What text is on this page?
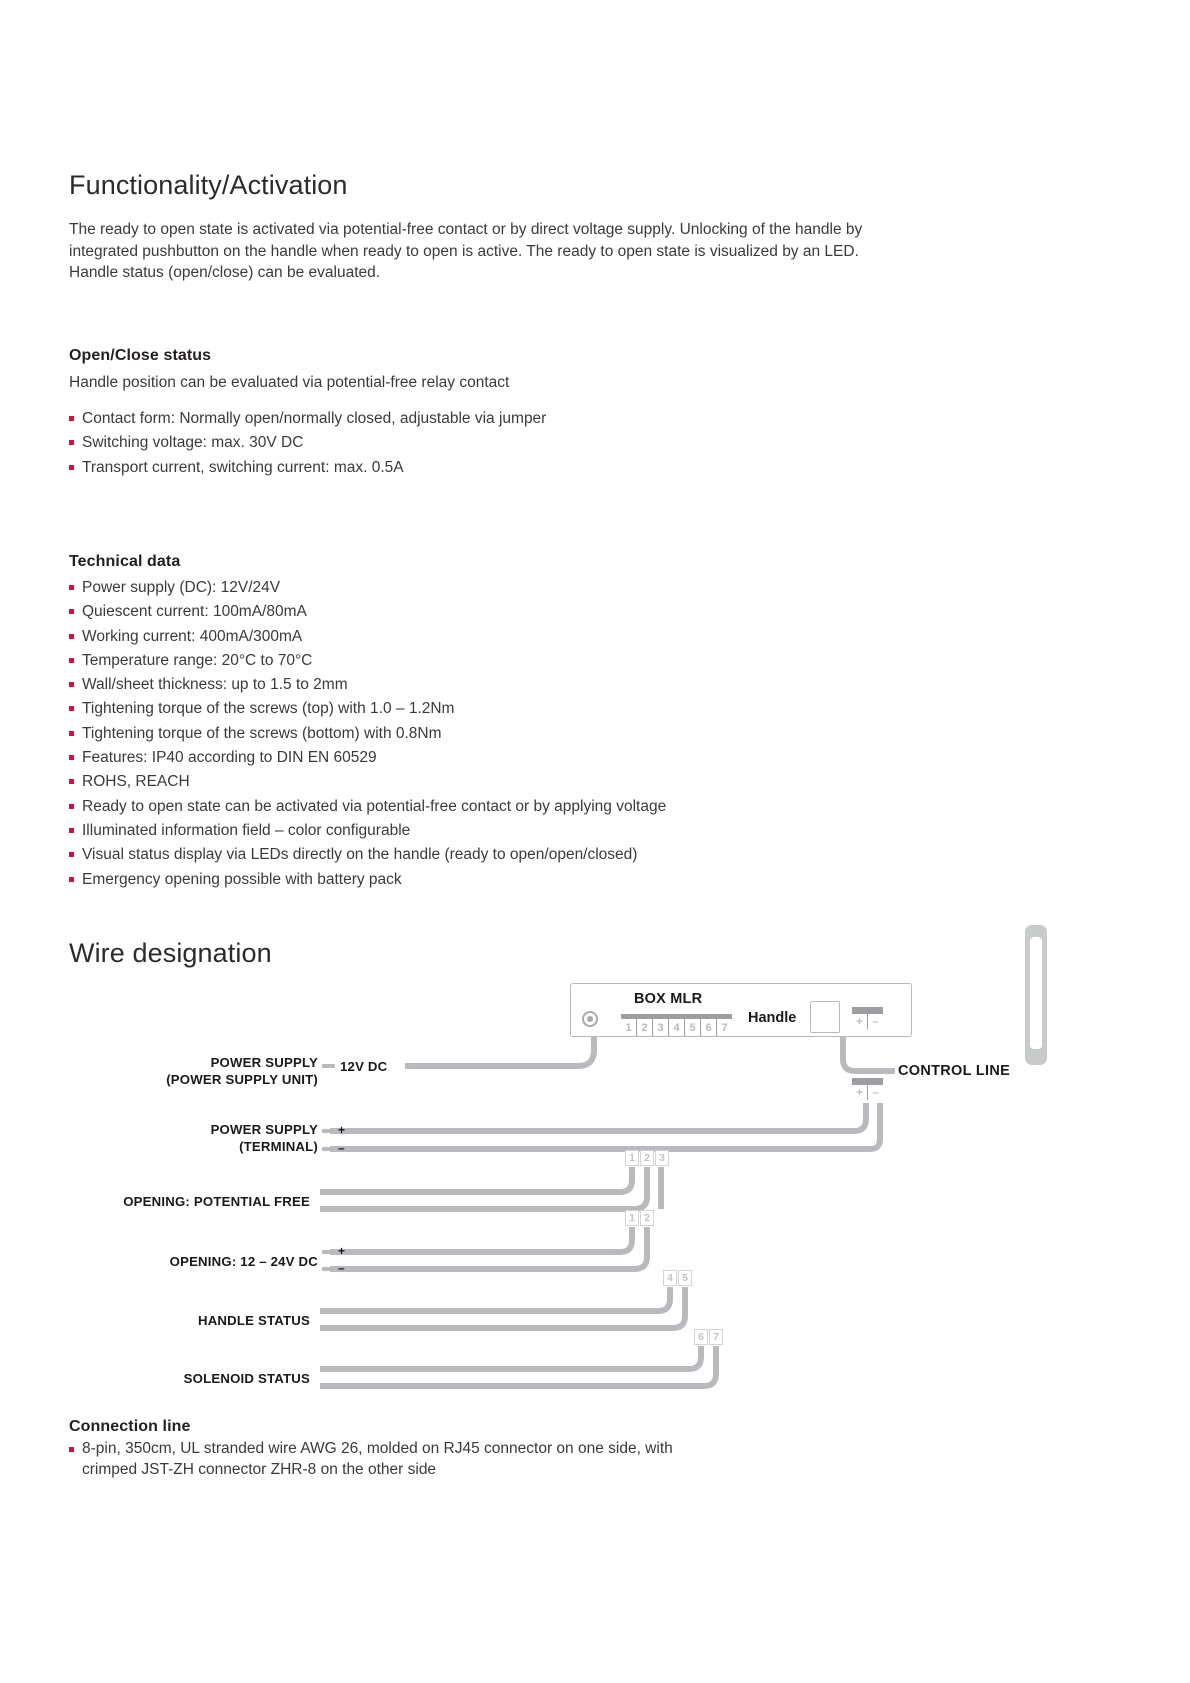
Functionality/Activation
The ready to open state is activated via potential-free contact or by direct voltage supply. Unlocking of the handle by
integrated pushbutton on the handle when ready to open is active. The ready to open state is visualized by an LED.
Handle status (open/close) can be evaluated.
Open/Close status
Handle position can be evaluated via potential-free relay contact
Contact form: Normally open/normally closed, adjustable via jumper
Switching voltage: max. 30V DC
Transport current, switching current: max. 0.5A
Technical data
Power supply (DC): 12V/24V
Quiescent current: 100mA/80mA
Working current: 400mA/300mA
Temperature range: 20°C to 70°C
Wall/sheet thickness: up to 1.5 to 2mm
Tightening torque of the screws (top) with 1.0 – 1.2Nm
Tightening torque of the screws (bottom) with 0.8Nm
Features: IP40 according to DIN EN 60529
ROHS, REACH
Ready to open state can be activated via potential-free contact or by applying voltage
Illuminated information field – color configurable
Visual status display via LEDs directly on the handle (ready to open/open/closed)
Emergency opening possible with battery pack
Wire designation
BOX MLR
1 2 3 4 5 6 7
Handle	+ –
+ –
CONTROL LINE
POWER SUPPLY
(POWER SUPPLY UNIT)
12V DC
POWER SUPPLY
(TERMINAL)
+
–
OPENING: POTENTIAL FREE
1 2 3
OPENING: 12 – 24V DC
+
–
1 2
HANDLE STATUS
4 5
SOLENOID STATUS
6 7
Connection line
8-pin, 350cm, UL stranded wire AWG 26, molded on RJ45 connector on one side, with crimped JST-ZH connector ZHR-8 on the other side
